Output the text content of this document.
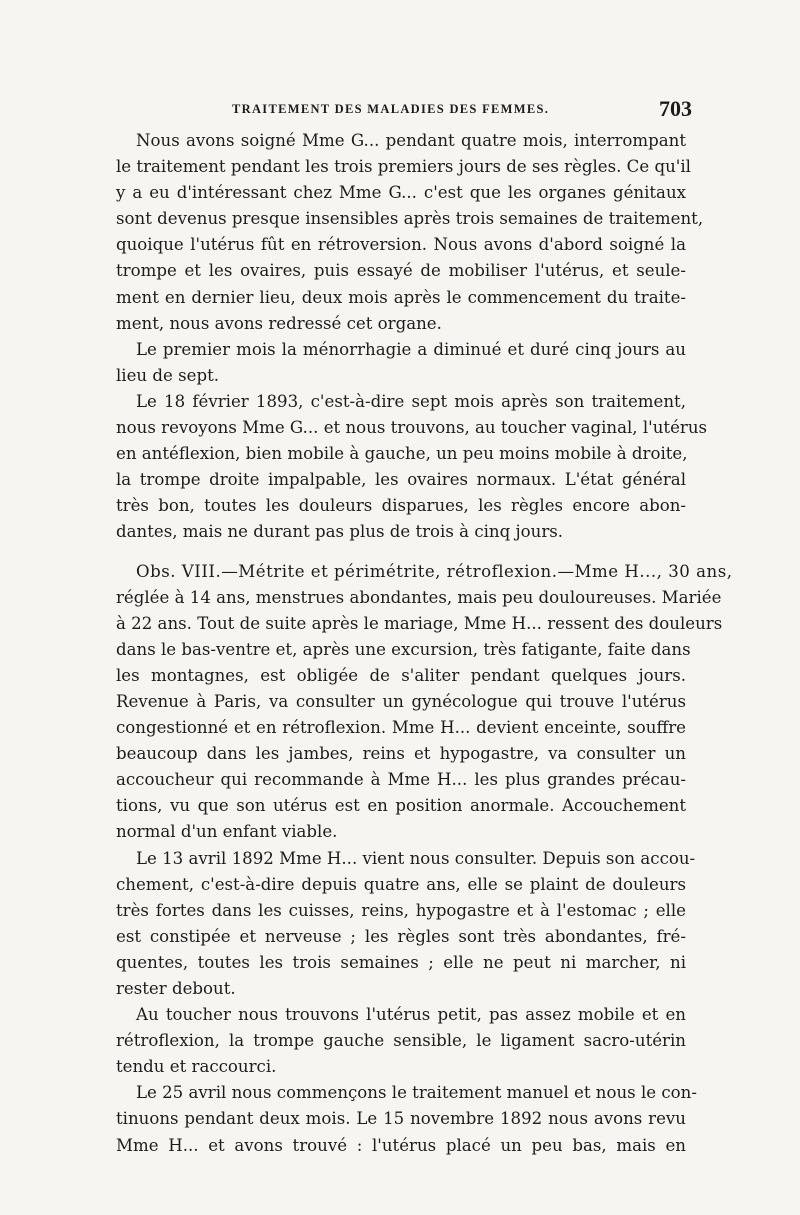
TRAITEMENT DES MALADIES DES FEMMES.	703
Nous avons soigné Mme G... pendant quatre mois, interrompant
le traitement pendant les trois premiers jours de ses règles. Ce qu'il
y a eu d'intéressant chez Mme G... c'est que les organes génitaux
sont devenus presque insensibles après trois semaines de traitement,
quoique l'utérus fût en rétroversion. Nous avons d'abord soigné la
trompe et les ovaires, puis essayé de mobiliser l'utérus, et seule-
ment en dernier lieu, deux mois après le commencement du traite-
ment, nous avons redressé cet organe.
Le premier mois la ménorrhagie a diminué et duré cinq jours au
lieu de sept.
Le 18 février 1893, c'est-à-dire sept mois après son traitement,
nous revoyons Mme G... et nous trouvons, au toucher vaginal, l'utérus
en antéflexion, bien mobile à gauche, un peu moins mobile à droite,
la trompe droite impalpable, les ovaires normaux. L'état général
très bon, toutes les douleurs disparues, les règles encore abon-
dantes, mais ne durant pas plus de trois à cinq jours.
Obs. VIII.—Métrite et périmétrite, rétroflexion.—Mme H..., 30 ans,
réglée à 14 ans, menstrues abondantes, mais peu douloureuses. Mariée
à 22 ans. Tout de suite après le mariage, Mme H... ressent des douleurs
dans le bas-ventre et, après une excursion, très fatigante, faite dans
les montagnes, est obligée de s'aliter pendant quelques jours.
Revenue à Paris, va consulter un gynécologue qui trouve l'utérus
congestionné et en rétroflexion. Mme H... devient enceinte, souffre
beaucoup dans les jambes, reins et hypogastre, va consulter un
accoucheur qui recommande à Mme H... les plus grandes précau-
tions, vu que son utérus est en position anormale. Accouchement
normal d'un enfant viable.
Le 13 avril 1892 Mme H... vient nous consulter. Depuis son accou-
chement, c'est-à-dire depuis quatre ans, elle se plaint de douleurs
très fortes dans les cuisses, reins, hypogastre et à l'estomac ; elle
est constipée et nerveuse ; les règles sont très abondantes, fré-
quentes, toutes les trois semaines ; elle ne peut ni marcher, ni
rester debout.
Au toucher nous trouvons l'utérus petit, pas assez mobile et en
rétroflexion, la trompe gauche sensible, le ligament sacro-utérin
tendu et raccourci.
Le 25 avril nous commençons le traitement manuel et nous le con-
tinuons pendant deux mois. Le 15 novembre 1892 nous avons revu
Mme H... et avons trouvé : l'utérus placé un peu bas, mais en
